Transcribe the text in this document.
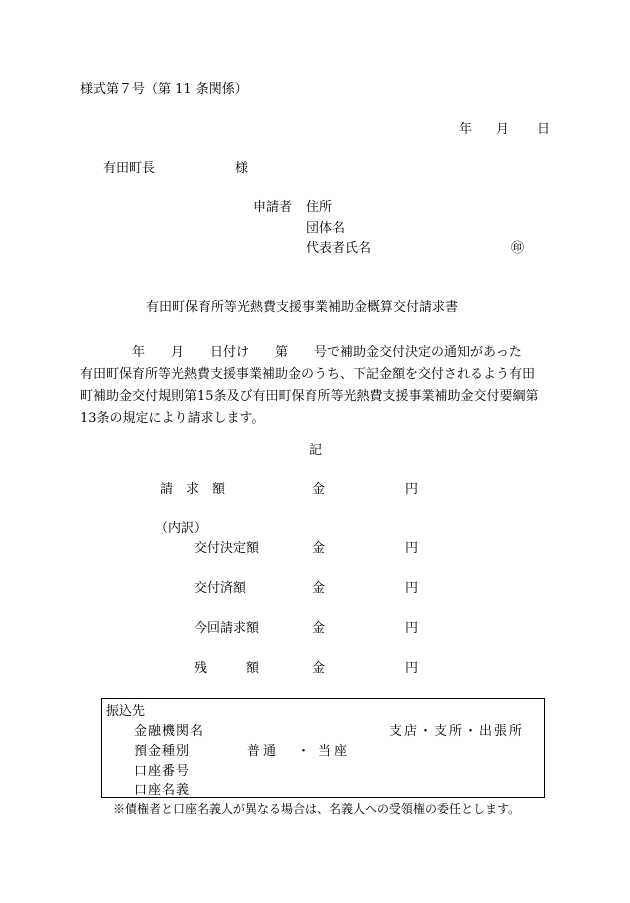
様式第７号（第 11 条関係）
年 月 日
有田町長	様
申請者 住所
団体名
代表者氏名	㊞
有田町保育所等光熱費支援事業補助金概算交付請求書
　　　　年　　月　　日付け　　第　　号で補助金交付決定の通知があった
有田町保育所等光熱費支援事業補助金のうち、下記金額を交付されるよう有田
町補助金交付規則第15条及び有田町保育所等光熱費支援事業補助金交付要綱第
13条の規定により請求します。
記
請　求　額	金	円
（内訳）
交付決定額	金	円
交付済額	金	円
今回請求額	金	円
残　　　額	金	円
振込先
金融機関名	支店・支所・出張所
預金種別	普通 ・ 当座
口座番号
口座名義
※債権者と口座名義人が異なる場合は、名義人への受領権の委任とします。
